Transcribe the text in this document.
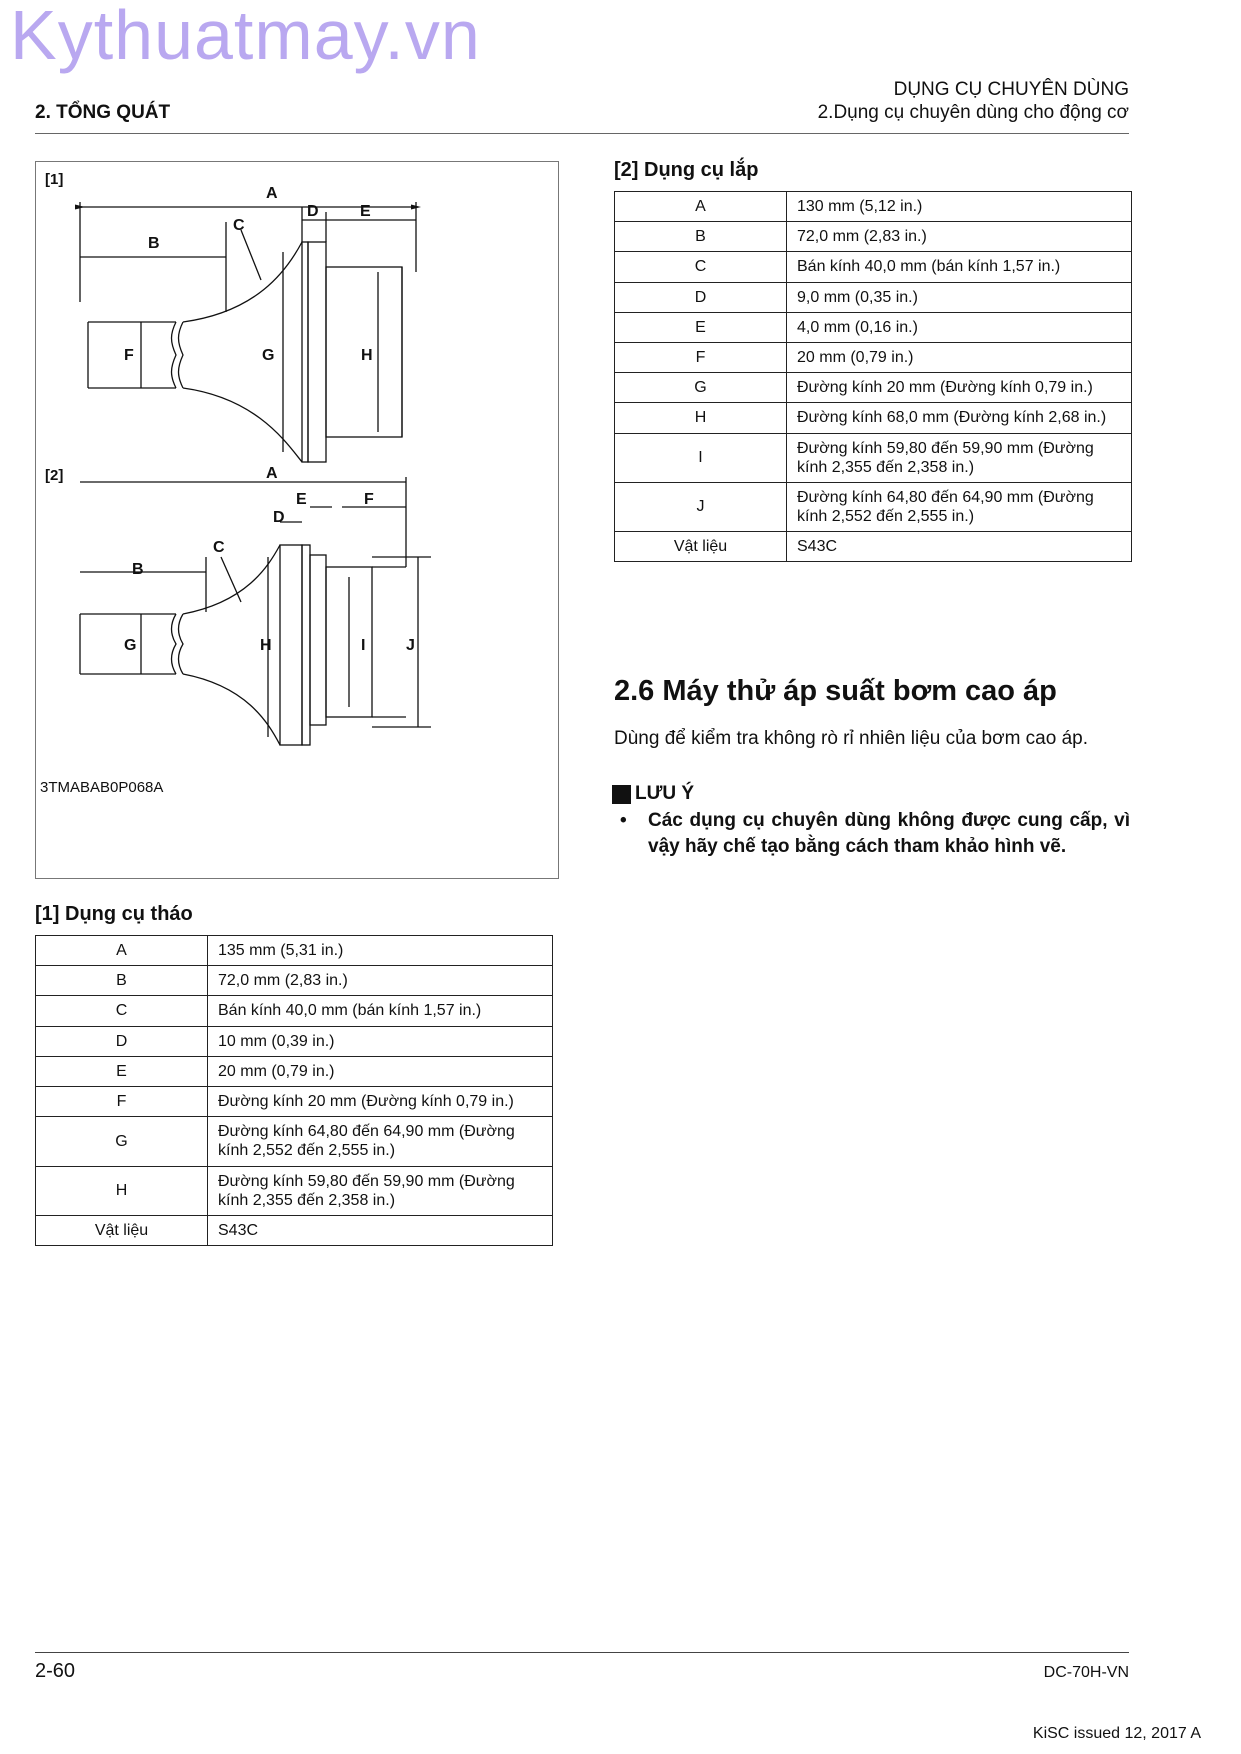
Kythuatmay.vn
2. TỔNG QUÁT
DỤNG CỤ CHUYÊN DÙNG
2.Dụng cụ chuyên dùng cho động cơ
[1]
[2]
A
B
C
D	E
F	G	H
A
B
C
D
E	F
G	H	I	J
3TMABAB0P068A
[1] Dụng cụ tháo
A	135 mm (5,31 in.)
B	72,0 mm (2,83 in.)
C	Bán kính 40,0 mm (bán kính 1,57 in.)
D	10 mm (0,39 in.)
E	20 mm (0,79 in.)
F	Đường kính 20 mm (Đường kính 0,79 in.)
G	Đường kính 64,80 đến 64,90 mm (Đường kính 2,552 đến 2,555 in.)
H	Đường kính 59,80 đến 59,90 mm (Đường kính 2,355 đến 2,358 in.)
Vật liệu	S43C
[2] Dụng cụ lắp
A	130 mm (5,12 in.)
B	72,0 mm (2,83 in.)
C	Bán kính 40,0 mm (bán kính 1,57 in.)
D	9,0 mm (0,35 in.)
E	4,0 mm (0,16 in.)
F	20 mm (0,79 in.)
G	Đường kính 20 mm (Đường kính 0,79 in.)
H	Đường kính 68,0 mm (Đường kính 2,68 in.)
I	Đường kính 59,80 đến 59,90 mm (Đường kính 2,355 đến 2,358 in.)
J	Đường kính 64,80 đến 64,90 mm (Đường kính 2,552 đến 2,555 in.)
Vật liệu	S43C
2.6 Máy thử áp suất bơm cao áp
Dùng để kiểm tra không rò rỉ nhiên liệu của bơm cao áp.
LƯU Ý
• Các dụng cụ chuyên dùng không được cung cấp, vì vậy hãy chế tạo bằng cách tham khảo hình vẽ.
2-60	DC-70H-VN
KiSC issued 12, 2017 A
